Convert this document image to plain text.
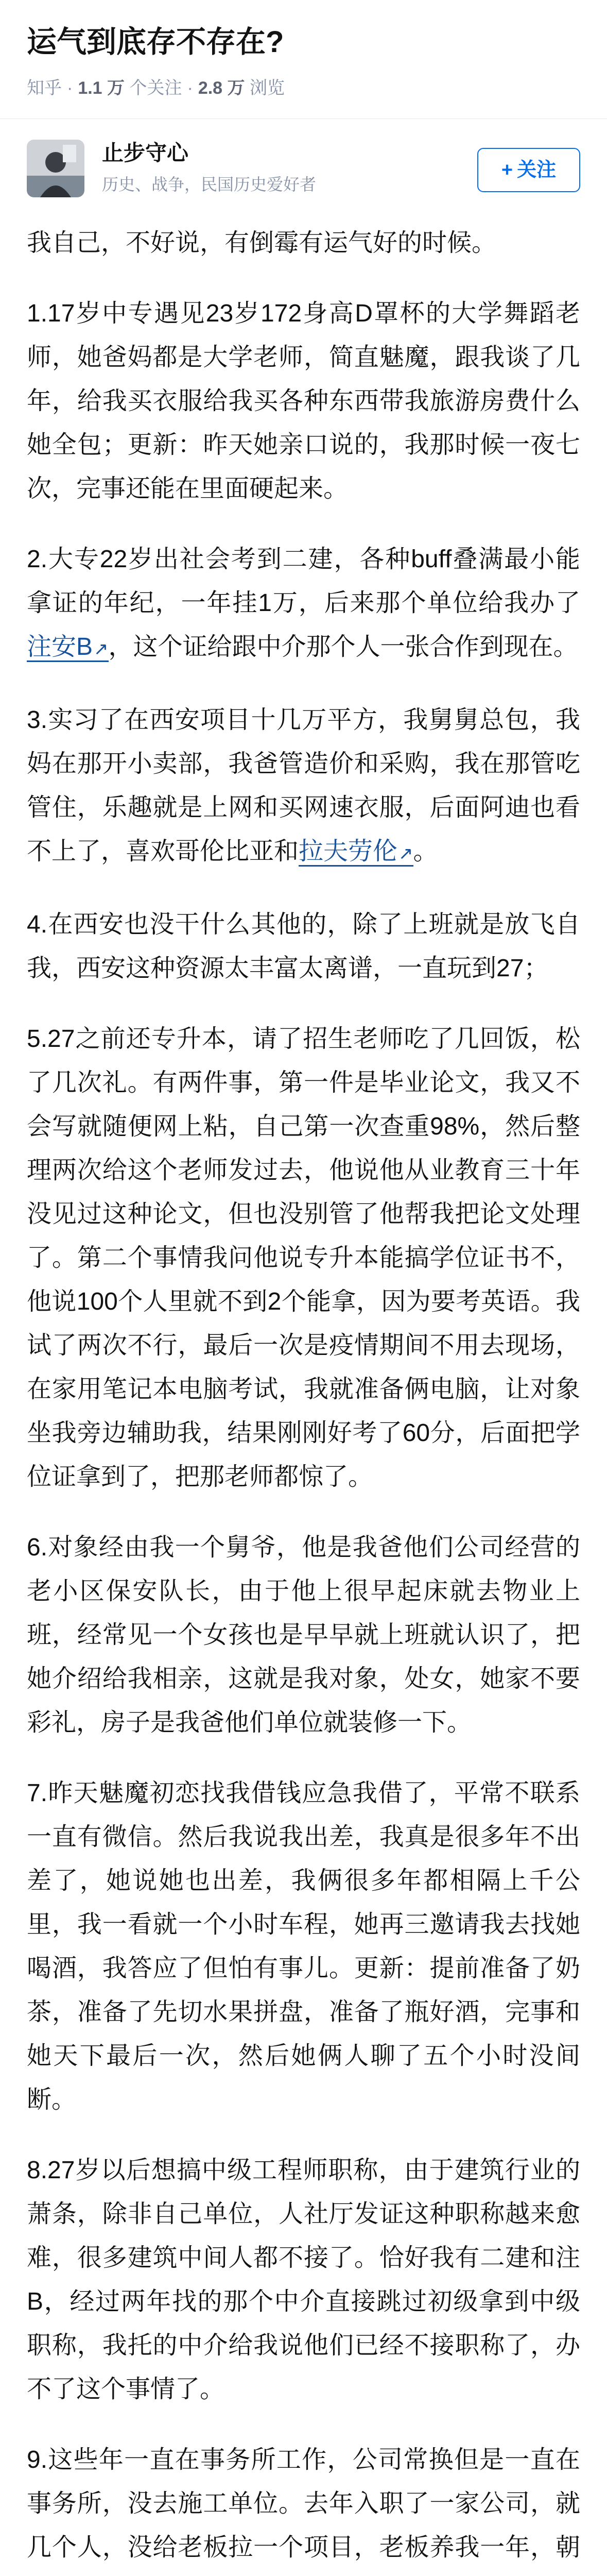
运气到底存不存在?
知乎 · 1.1 万 个关注 · 2.8 万 浏览
止步守心
历史、战争，民国历史爱好者
+ 关注

我自己，不好说，有倒霉有运气好的时候。

1.17岁中专遇见23岁172身高D罩杯的大学舞蹈老师，她爸妈都是大学老师，简直魅魔，跟我谈了几年，给我买衣服给我买各种东西带我旅游房费什么她全包；更新：昨天她亲口说的，我那时候一夜七次，完事还能在里面硬起来。

2.大专22岁出社会考到二建，各种buff叠满最小能拿证的年纪，一年挂1万，后来那个单位给我办了注安B↗，这个证给跟中介那个人一张合作到现在。

3.实习了在西安项目十几万平方，我舅舅总包，我妈在那开小卖部，我爸管造价和采购，我在那管吃管住，乐趣就是上网和买网速衣服，后面阿迪也看不上了，喜欢哥伦比亚和拉夫劳伦↗。

4.在西安也没干什么其他的，除了上班就是放飞自我，西安这种资源太丰富太离谱，一直玩到27；

5.27之前还专升本，请了招生老师吃了几回饭，松了几次礼。有两件事，第一件是毕业论文，我又不会写就随便网上粘，自己第一次查重98%，然后整理两次给这个老师发过去，他说他从业教育三十年没见过这种论文，但也没别管了他帮我把论文处理了。第二个事情我问他说专升本能搞学位证书不，他说100个人里就不到2个能拿，因为要考英语。我试了两次不行，最后一次是疫情期间不用去现场，在家用笔记本电脑考试，我就准备俩电脑，让对象坐我旁边辅助我，结果刚刚好考了60分，后面把学位证拿到了，把那老师都惊了。

6.对象经由我一个舅爷，他是我爸他们公司经营的老小区保安队长，由于他上很早起床就去物业上班，经常见一个女孩也是早早就上班就认识了，把她介绍给我相亲，这就是我对象，处女，她家不要彩礼，房子是我爸他们单位就装修一下。

7.昨天魅魔初恋找我借钱应急我借了，平常不联系一直有微信。然后我说我出差，我真是很多年不出差了，她说她也出差，我俩很多年都相隔上千公里，我一看就一个小时车程，她再三邀请我去找她喝酒，我答应了但怕有事儿。更新：提前准备了奶茶，准备了先切水果拼盘，准备了瓶好酒，完事和她天下最后一次，然后她俩人聊了五个小时没间断。

8.27岁以后想搞中级工程师职称，由于建筑行业的萧条，除非自己单位，人社厅发证这种职称越来愈难，很多建筑中间人都不接了。恰好我有二建和注B，经过两年找的那个中介直接跳过初级拿到中级职称，我托的中介给我说他们已经不接职称了，办不了这个事情了。

9.这些年一直在事务所工作，公司常换但是一直在事务所，没去施工单位。去年入职了一家公司，就几个人，没给老板拉一个项目，老板养我一年，朝
